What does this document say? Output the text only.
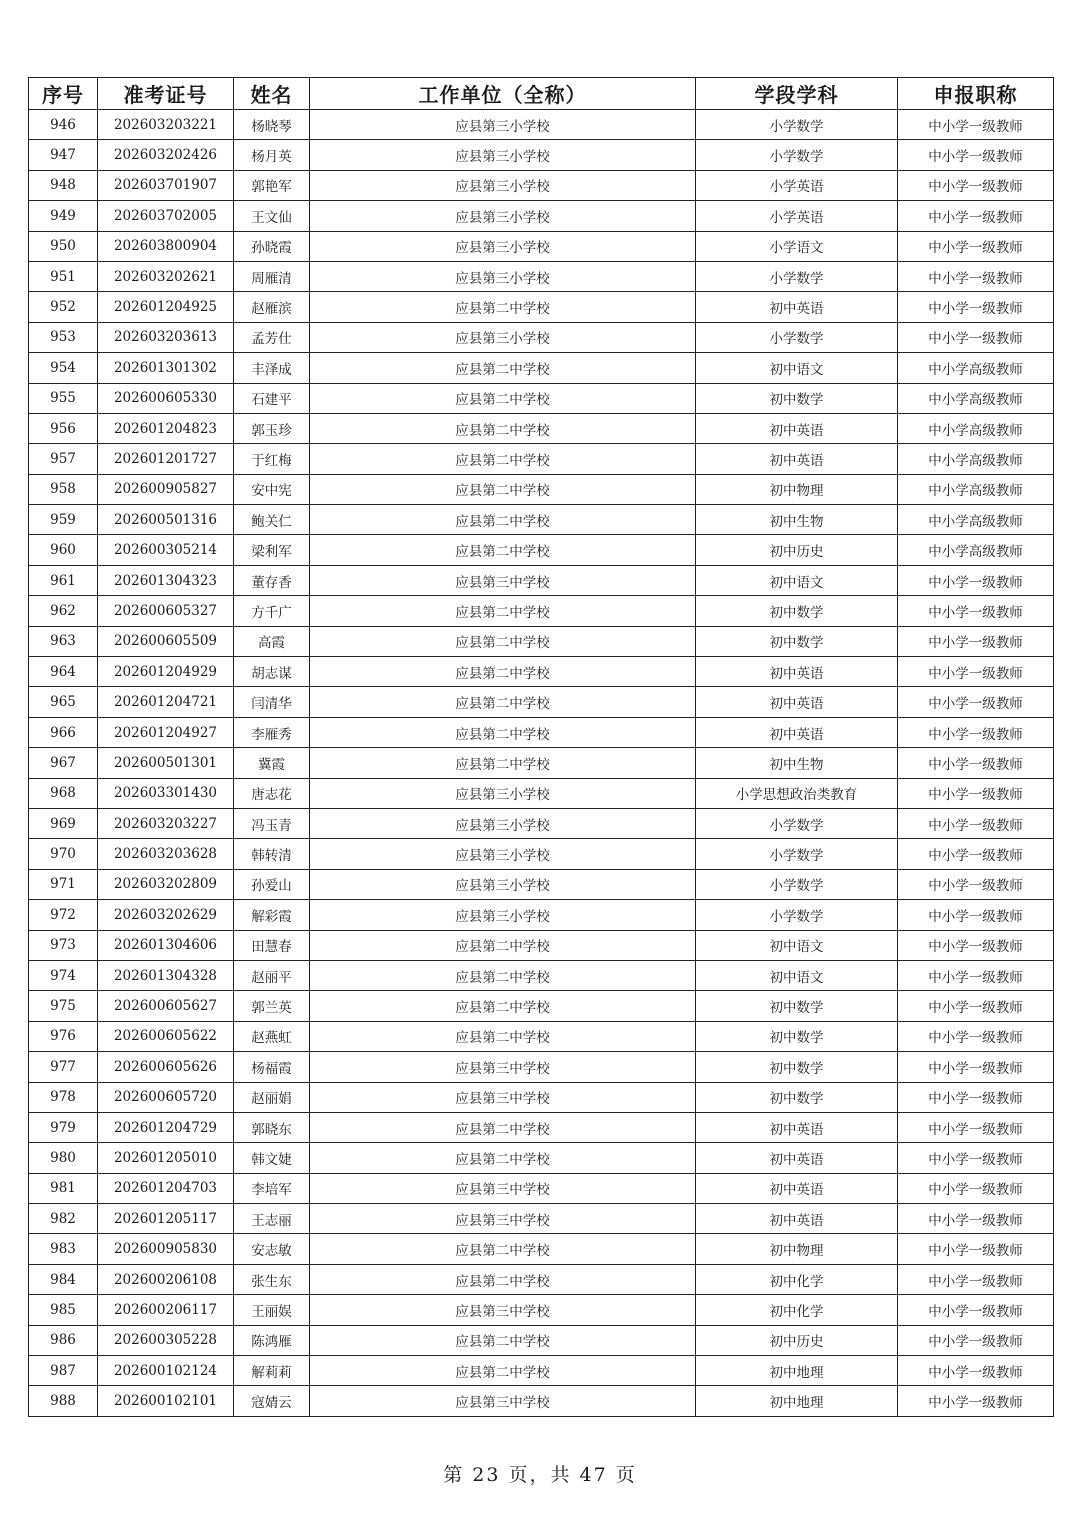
序号	准考证号	姓名	工作单位（全称）	学段学科	申报职称
946	202603203221	杨晓琴	应县第三小学校	小学数学	中小学一级教师
947	202603202426	杨月英	应县第三小学校	小学数学	中小学一级教师
948	202603701907	郭艳军	应县第三小学校	小学英语	中小学一级教师
949	202603702005	王文仙	应县第三小学校	小学英语	中小学一级教师
950	202603800904	孙晓霞	应县第三小学校	小学语文	中小学一级教师
951	202603202621	周雁清	应县第三小学校	小学数学	中小学一级教师
952	202601204925	赵雁滨	应县第二中学校	初中英语	中小学一级教师
953	202603203613	孟芳仕	应县第三小学校	小学数学	中小学一级教师
954	202601301302	丰泽成	应县第二中学校	初中语文	中小学高级教师
955	202600605330	石建平	应县第二中学校	初中数学	中小学高级教师
956	202601204823	郭玉珍	应县第二中学校	初中英语	中小学高级教师
957	202601201727	于红梅	应县第二中学校	初中英语	中小学高级教师
958	202600905827	安中宪	应县第二中学校	初中物理	中小学高级教师
959	202600501316	鲍关仁	应县第二中学校	初中生物	中小学高级教师
960	202600305214	梁利军	应县第二中学校	初中历史	中小学高级教师
961	202601304323	董存香	应县第三中学校	初中语文	中小学一级教师
962	202600605327	方千广	应县第二中学校	初中数学	中小学一级教师
963	202600605509	高霞	应县第二中学校	初中数学	中小学一级教师
964	202601204929	胡志谋	应县第二中学校	初中英语	中小学一级教师
965	202601204721	闫清华	应县第二中学校	初中英语	中小学一级教师
966	202601204927	李雁秀	应县第二中学校	初中英语	中小学一级教师
967	202600501301	冀霞	应县第二中学校	初中生物	中小学一级教师
968	202603301430	唐志花	应县第三小学校	小学思想政治类教育	中小学一级教师
969	202603203227	冯玉青	应县第三小学校	小学数学	中小学一级教师
970	202603203628	韩转清	应县第三小学校	小学数学	中小学一级教师
971	202603202809	孙爱山	应县第三小学校	小学数学	中小学一级教师
972	202603202629	解彩霞	应县第三小学校	小学数学	中小学一级教师
973	202601304606	田慧春	应县第二中学校	初中语文	中小学一级教师
974	202601304328	赵丽平	应县第二中学校	初中语文	中小学一级教师
975	202600605627	郭兰英	应县第二中学校	初中数学	中小学一级教师
976	202600605622	赵燕虹	应县第二中学校	初中数学	中小学一级教师
977	202600605626	杨福霞	应县第三中学校	初中数学	中小学一级教师
978	202600605720	赵丽娟	应县第三中学校	初中数学	中小学一级教师
979	202601204729	郭晓东	应县第二中学校	初中英语	中小学一级教师
980	202601205010	韩文婕	应县第二中学校	初中英语	中小学一级教师
981	202601204703	李培军	应县第三中学校	初中英语	中小学一级教师
982	202601205117	王志丽	应县第三中学校	初中英语	中小学一级教师
983	202600905830	安志敏	应县第二中学校	初中物理	中小学一级教师
984	202600206108	张生东	应县第二中学校	初中化学	中小学一级教师
985	202600206117	王丽娱	应县第三中学校	初中化学	中小学一级教师
986	202600305228	陈鸿雁	应县第二中学校	初中历史	中小学一级教师
987	202600102124	解莉莉	应县第二中学校	初中地理	中小学一级教师
988	202600102101	寇婧云	应县第三中学校	初中地理	中小学一级教师
第 23 页，共 47 页
